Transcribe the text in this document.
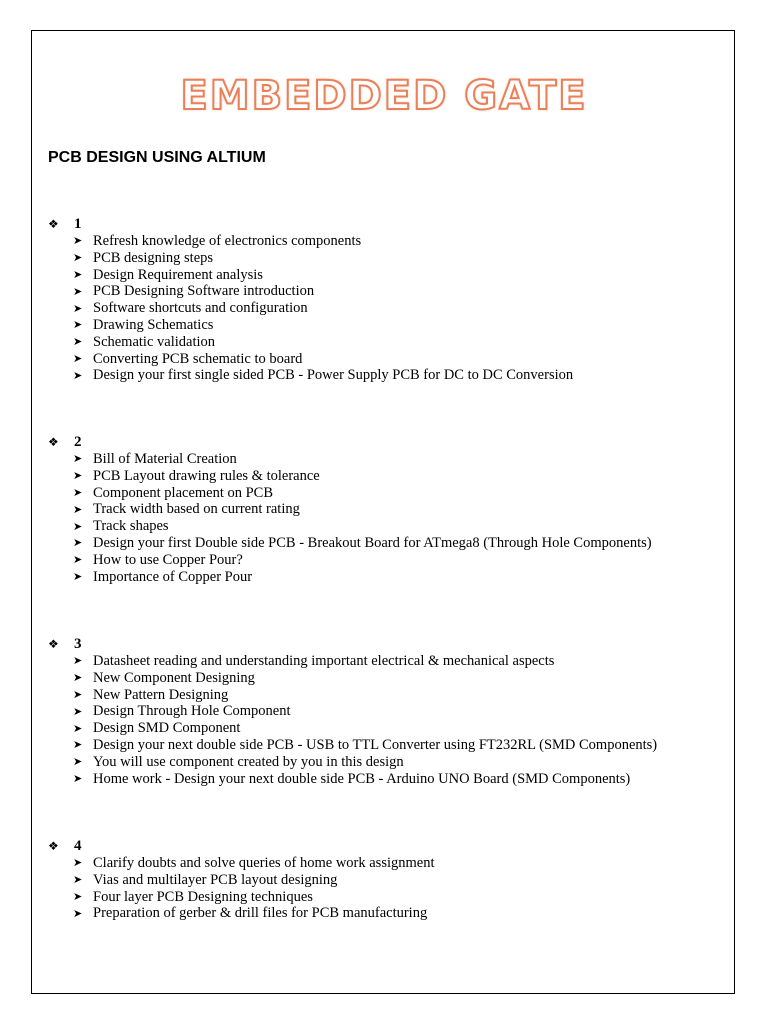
EMBEDDED GATE
PCB DESIGN USING ALTIUM
❖ 1
➤ Refresh knowledge of electronics components
➤ PCB designing steps
➤ Design Requirement analysis
➤ PCB Designing Software introduction
➤ Software shortcuts and configuration
➤ Drawing Schematics
➤ Schematic validation
➤ Converting PCB schematic to board
➤ Design your first single sided PCB - Power Supply PCB for DC to DC Conversion
❖ 2
➤ Bill of Material Creation
➤ PCB Layout drawing rules & tolerance
➤ Component placement on PCB
➤ Track width based on current rating
➤ Track shapes
➤ Design your first Double side PCB - Breakout Board for ATmega8 (Through Hole Components)
➤ How to use Copper Pour?
➤ Importance of Copper Pour
❖ 3
➤ Datasheet reading and understanding important electrical & mechanical aspects
➤ New Component Designing
➤ New Pattern Designing
➤ Design Through Hole Component
➤ Design SMD Component
➤ Design your next double side PCB - USB to TTL Converter using FT232RL (SMD Components)
➤ You will use component created by you in this design
➤ Home work - Design your next double side PCB - Arduino UNO Board (SMD Components)
❖ 4
➤ Clarify doubts and solve queries of home work assignment
➤ Vias and multilayer PCB layout designing
➤ Four layer PCB Designing techniques
➤ Preparation of gerber & drill files for PCB manufacturing
